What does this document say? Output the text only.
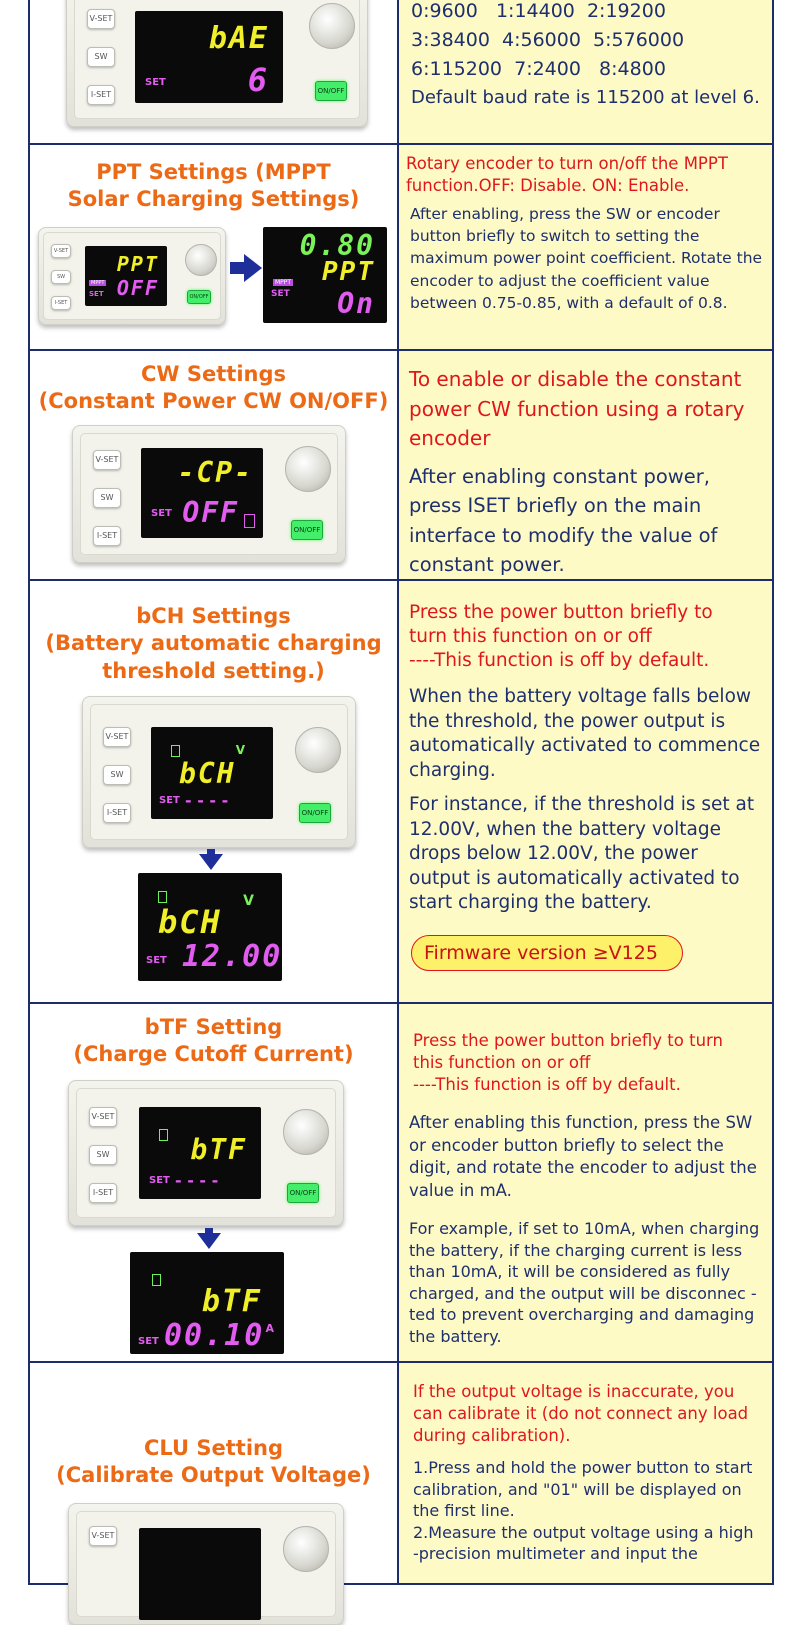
V-SET
SW
I-SET
bAE
SET	6	ON/OFF

0:9600   1:14400  2:19200

3:38400  4:56000  5:576000

6:115200  7:2400   8:4800

Default baud rate is 115200 at level 6.

PPT Settings (MPPT
Solar Charging Settings)
V-SET
SW
I-SET
MPPT
PPT
SET OFF	ON/OFF
0.80
PPT
MPPT
SET On

Rotary encoder to turn on/off the MPPT function.OFF: Disable. ON: Enable.

After enabling, press the SW or encoder button briefly to switch to setting the maximum power point coefficient. Rotate the encoder to adjust the coefficient value between 0.75-0.85, with a default of 0.8.

CW Settings
(Constant Power CW ON/OFF)
V-SET
SW
I-SET
-CP-
SET OFF
ON/OFF

To enable or disable the constant power CW function using a rotary encoder

After enabling constant power, press ISET briefly on the main interface to modify the value of constant power.

bCH Settings
(Battery automatic charging
threshold setting.)
V-SET
SW
I-SET
V
bCH
SET - - - -
ON/OFF
V
bCH
SET 12.00

Press the power button briefly to

turn this function on or off

----This function is off by default.

When the battery voltage falls below the threshold, the power output is automatically activated to commence charging.

For instance, if the threshold is set at 12.00V, when the battery voltage drops below 12.00V, the power output is automatically activated to start charging the battery.

Firmware version ≥V125
bTF Setting
(Charge Cutoff Current)
V-SET
SW
I-SET
bTF
SET - - - -
ON/OFF
bTF
SET 00.10 A

Press the power button briefly to turn

this function on or off

----This function is off by default.

After enabling this function, press the SW or encoder button briefly to select the digit, and rotate the encoder to adjust the value in mA.

For example, if set to 10mA, when charging the battery, if the charging current is less than 10mA, it will be considered as fully charged, and the output will be disconnec -ted to prevent overcharging and damaging the battery.

CLU Setting
(Calibrate Output Voltage)
V-SET

If the output voltage is inaccurate, you can calibrate it (do not connect any load during calibration).

1.Press and hold the power button to start calibration, and "01" will be displayed on the first line.

2.Measure the output voltage using a high -precision multimeter and input the
